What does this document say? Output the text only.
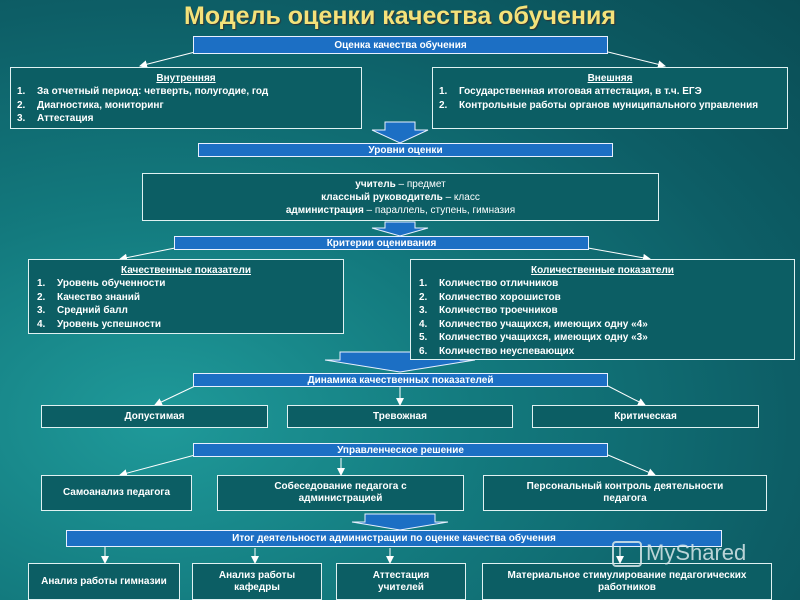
Модель оценки качества обучения
Оценка качества обучения
Внутренняя
1.	За отчетный период: четверть, полугодие, год
2.	Диагностика, мониторинг
3.	Аттестация
Внешняя
1.	Государственная итоговая аттестация, в т.ч. ЕГЭ
2.	Контрольные работы органов муниципального управления
Уровни оценки
учитель – предмет
классный руководитель – класс
администрация – параллель, ступень, гимназия
Критерии оценивания
Качественные показатели
1.	Уровень обученности
2.	Качество знаний
3.	Средний балл
4.	Уровень успешности
Количественные показатели
1.	Количество отличников
2.	Количество хорошистов
3.	Количество троечников
4.	Количество учащихся, имеющих одну «4»
5.	Количество учащихся, имеющих одну «3»
6.	Количество неуспевающих
Динамика качественных показателей
Допустимая	Тревожная	Критическая
Управленческое решение
Самоанализ педагога
Собеседование педагога с администрацией
Персональный контроль деятельности педагога
Итог деятельности администрации по оценке качества обучения
Анализ работы гимназии
Анализ работы кафедры
Аттестация учителей
Материальное стимулирование педагогических работников
MyShared
